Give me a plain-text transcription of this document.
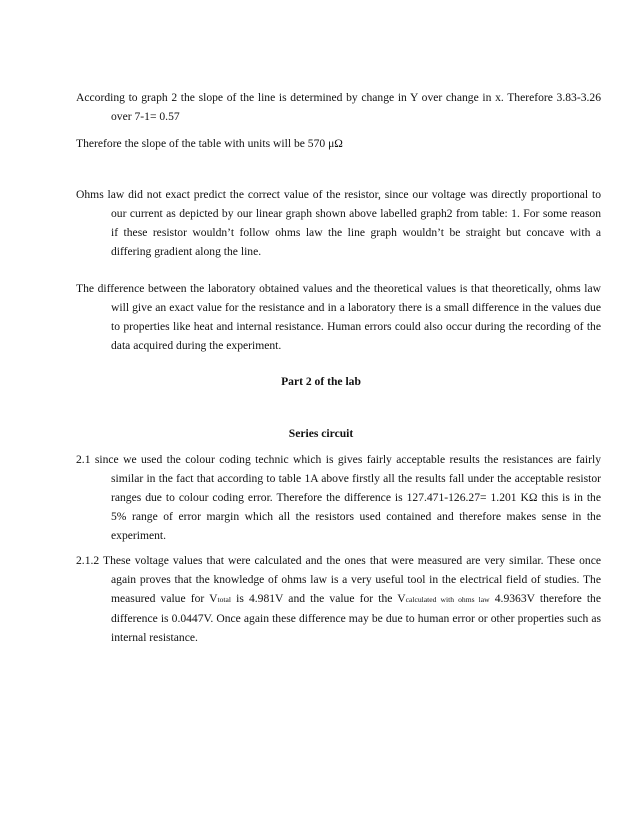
According to graph 2 the slope of the line is determined by change in Y over change in x. Therefore 3.83-3.26 over 7-1= 0.57

Therefore the slope of the table with units will be 570 μΩ

Ohms law did not exact predict the correct value of the resistor, since our voltage was directly proportional to our current as depicted by our linear graph shown above labelled graph2 from table: 1. For some reason if these resistor wouldn’t follow ohms law the line graph wouldn’t be straight but concave with a differing gradient along the line.

The difference between the laboratory obtained values and the theoretical values is that theoretically, ohms law will give an exact value for the resistance and in a laboratory there is a small difference in the values due to properties like heat and internal resistance. Human errors could also occur during the recording of the data acquired during the experiment.

Part 2 of the lab
Series circuit

2.1 since we used the colour coding technic which is gives fairly acceptable results the resistances are fairly similar in the fact that according to table 1A above firstly all the results fall under the acceptable resistor ranges due to colour coding error. Therefore the difference is 127.471-126.27= 1.201 KΩ this is in the 5% range of error margin which all the resistors used contained and therefore makes sense in the experiment.

2.1.2 These voltage values that were calculated and the ones that were measured are very similar. These once again proves that the knowledge of ohms law is a very useful tool in the electrical field of studies. The measured value for Vtotal is 4.981V and the value for the Vcalculated with ohms law 4.9363V therefore the difference is 0.0447V. Once again these difference may be due to human error or other properties such as internal resistance.
